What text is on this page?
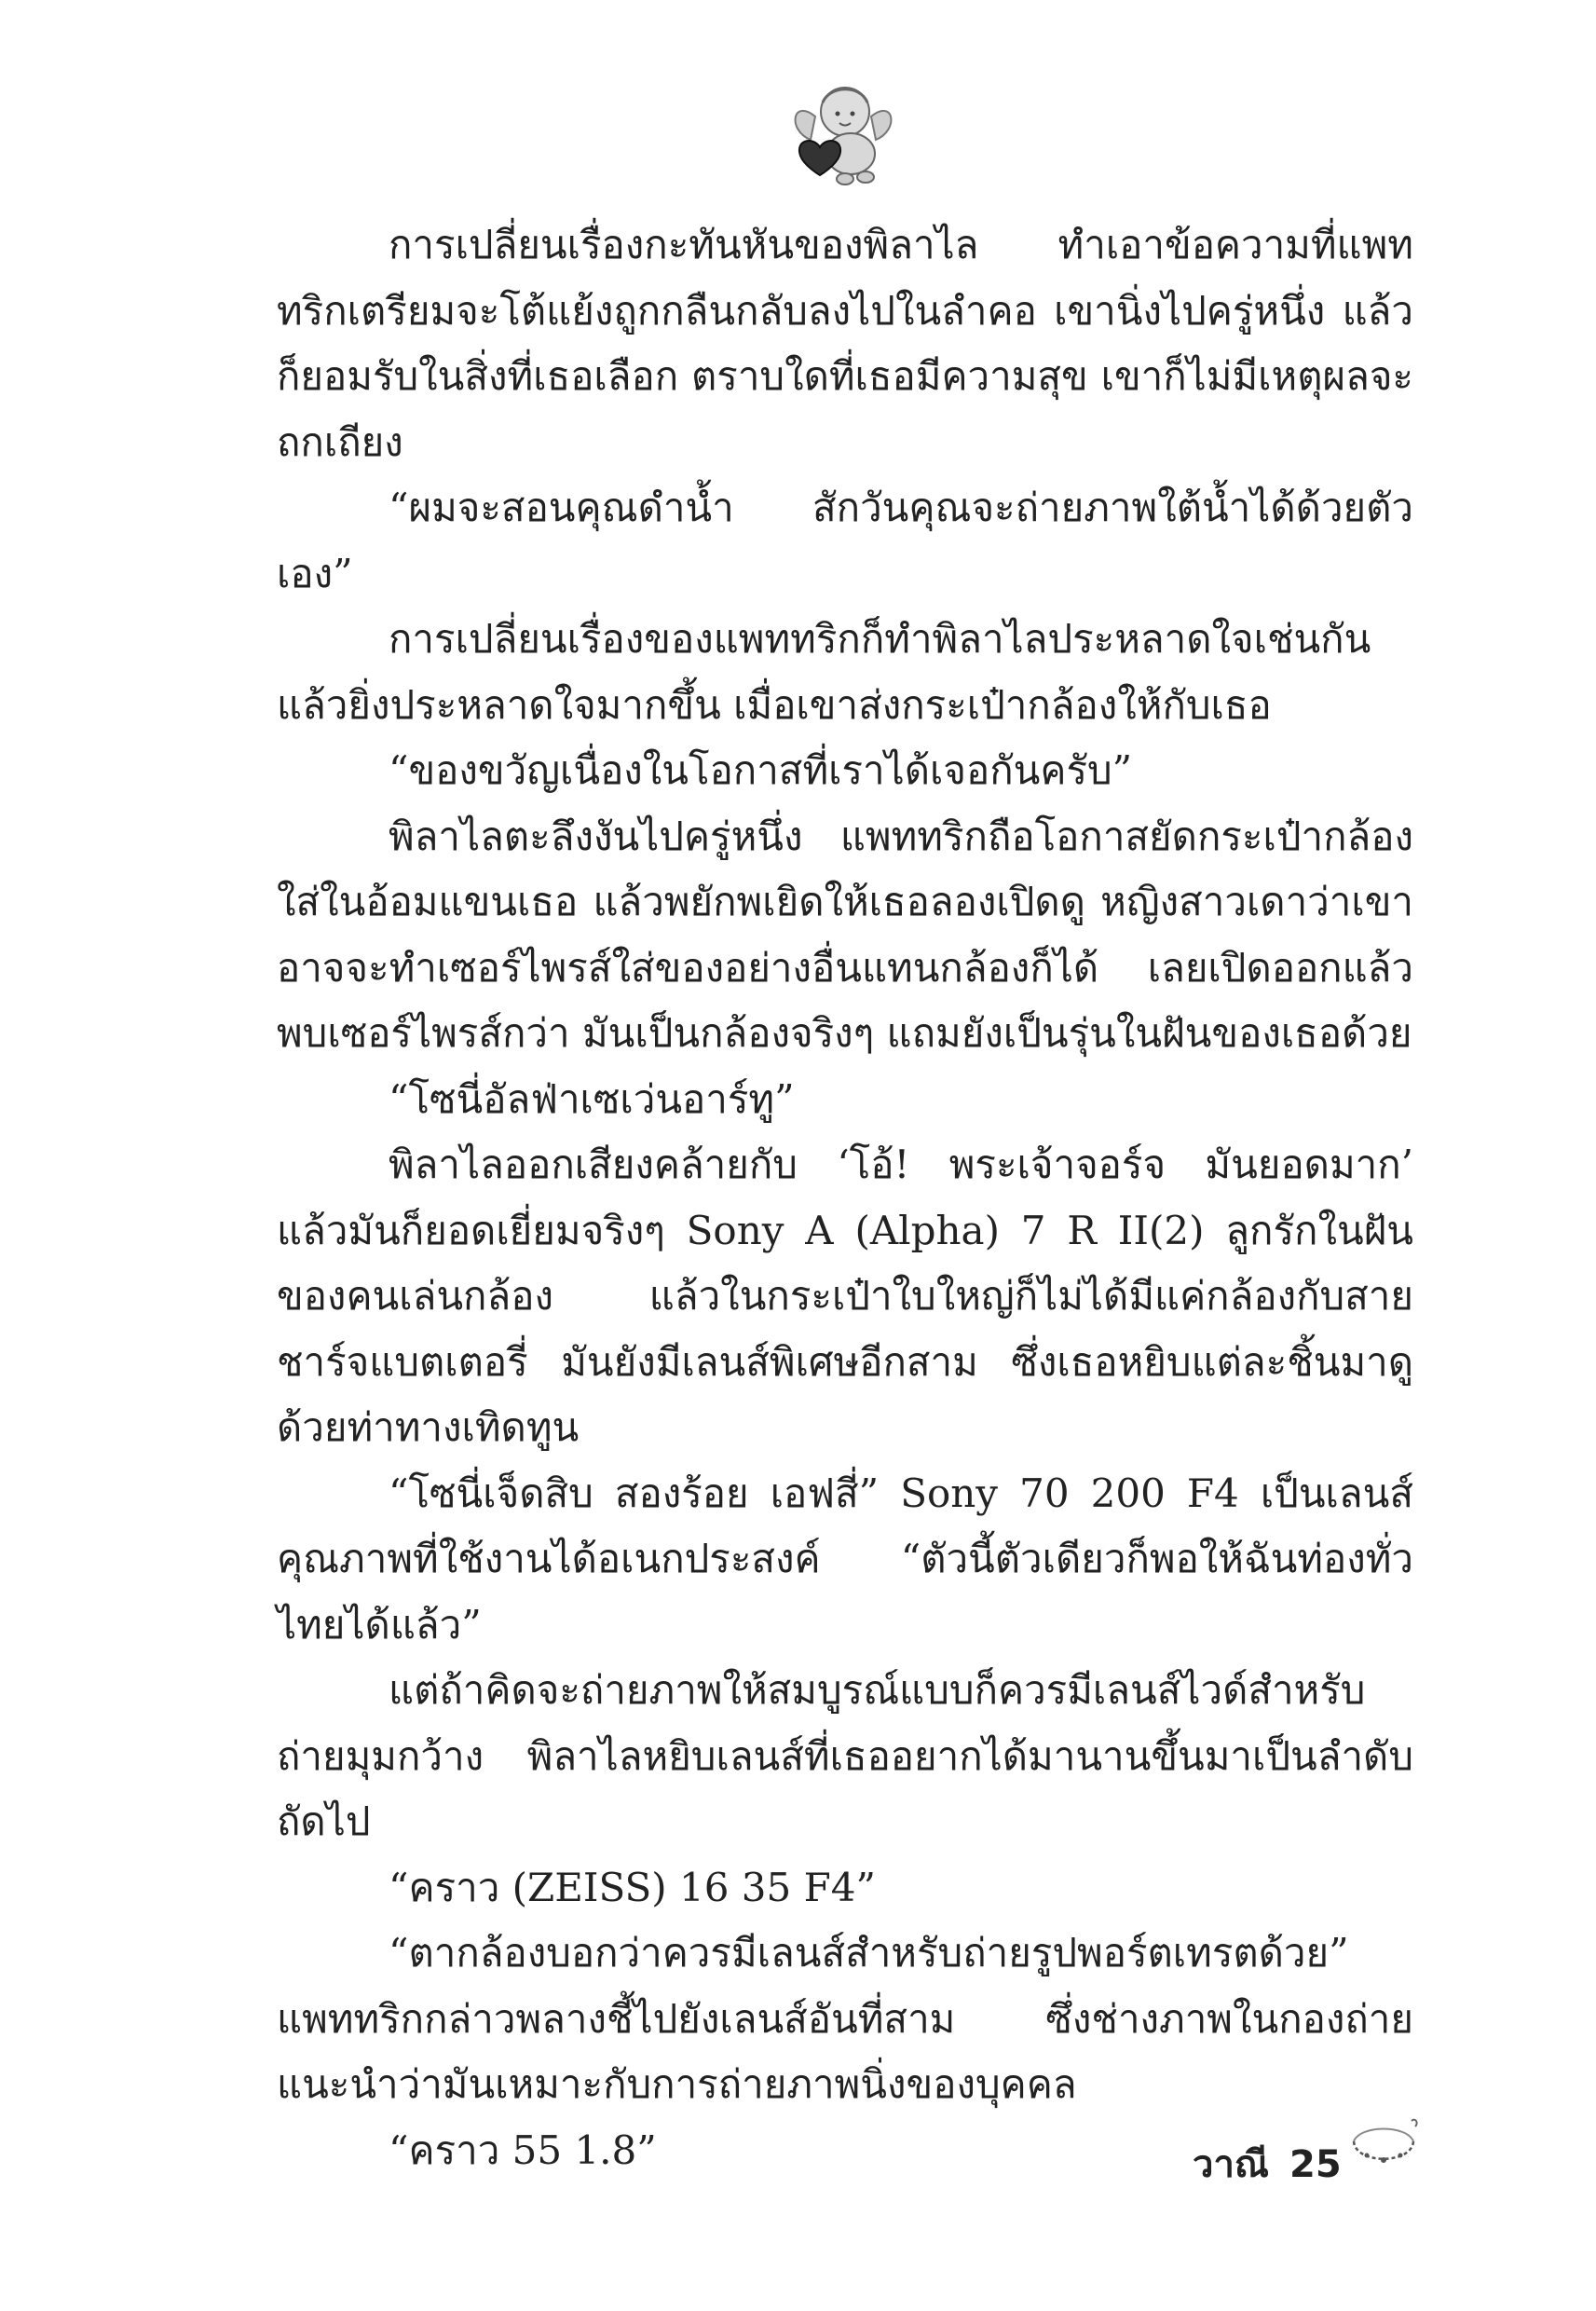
การเปลี่ยนเรื่องกะทันหันของพิลาไล ทำเอาข้อความที่แพททริกเตรียมจะโต้แย้งถูกกลืนกลับลงไปในลำคอ เขานิ่งไปครู่หนึ่ง แล้วก็ยอมรับในสิ่งที่เธอเลือก ตราบใดที่เธอมีความสุข เขาก็ไม่มีเหตุผลจะถกเถียง

“ผมจะสอนคุณดำน้ำ สักวันคุณจะถ่ายภาพใต้น้ำได้ด้วยตัวเอง”

การเปลี่ยนเรื่องของแพททริกก็ทำพิลาไลประหลาดใจเช่นกัน แล้วยิ่งประหลาดใจมากขึ้น เมื่อเขาส่งกระเป๋ากล้องให้กับเธอ

“ของขวัญเนื่องในโอกาสที่เราได้เจอกันครับ”

พิลาไลตะลึงงันไปครู่หนึ่ง แพททริกถือโอกาสยัดกระเป๋ากล้องใส่ในอ้อมแขนเธอ แล้วพยักพเยิดให้เธอลองเปิดดู หญิงสาวเดาว่าเขาอาจจะทำเซอร์ไพรส์ใส่ของอย่างอื่นแทนกล้องก็ได้ เลยเปิดออกแล้วพบเซอร์ไพรส์กว่า มันเป็นกล้องจริงๆ แถมยังเป็นรุ่นในฝันของเธอด้วย

“โซนี่อัลฟ่าเซเว่นอาร์ทู”

พิลาไลออกเสียงคล้ายกับ ‘โอ้! พระเจ้าจอร์จ มันยอดมาก’ แล้วมันก็ยอดเยี่ยมจริงๆ Sony A (Alpha) 7 R II(2) ลูกรักในฝันของคนเล่นกล้อง แล้วในกระเป๋าใบใหญ่ก็ไม่ได้มีแค่กล้องกับสายชาร์จแบตเตอรี่ มันยังมีเลนส์พิเศษอีกสาม ซึ่งเธอหยิบแต่ละชิ้นมาดูด้วยท่าทางเทิดทูน

“โซนี่เจ็ดสิบ สองร้อย เอฟสี่” Sony 70 200 F4 เป็นเลนส์คุณภาพที่ใช้งานได้อเนกประสงค์ “ตัวนี้ตัวเดียวก็พอให้ฉันท่องทั่วไทยได้แล้ว”

แต่ถ้าคิดจะถ่ายภาพให้สมบูรณ์แบบก็ควรมีเลนส์ไวด์สำหรับถ่ายมุมกว้าง พิลาไลหยิบเลนส์ที่เธออยากได้มานานขึ้นมาเป็นลำดับถัดไป

“คราว (ZEISS) 16 35 F4”

“ตากล้องบอกว่าควรมีเลนส์สำหรับถ่ายรูปพอร์ตเทรตด้วย” แพททริกกล่าวพลางชี้ไปยังเลนส์อันที่สาม ซึ่งช่างภาพในกองถ่ายแนะนำว่ามันเหมาะกับการถ่ายภาพนิ่งของบุคคล

“คราว 55 1.8”	วาณี 25
